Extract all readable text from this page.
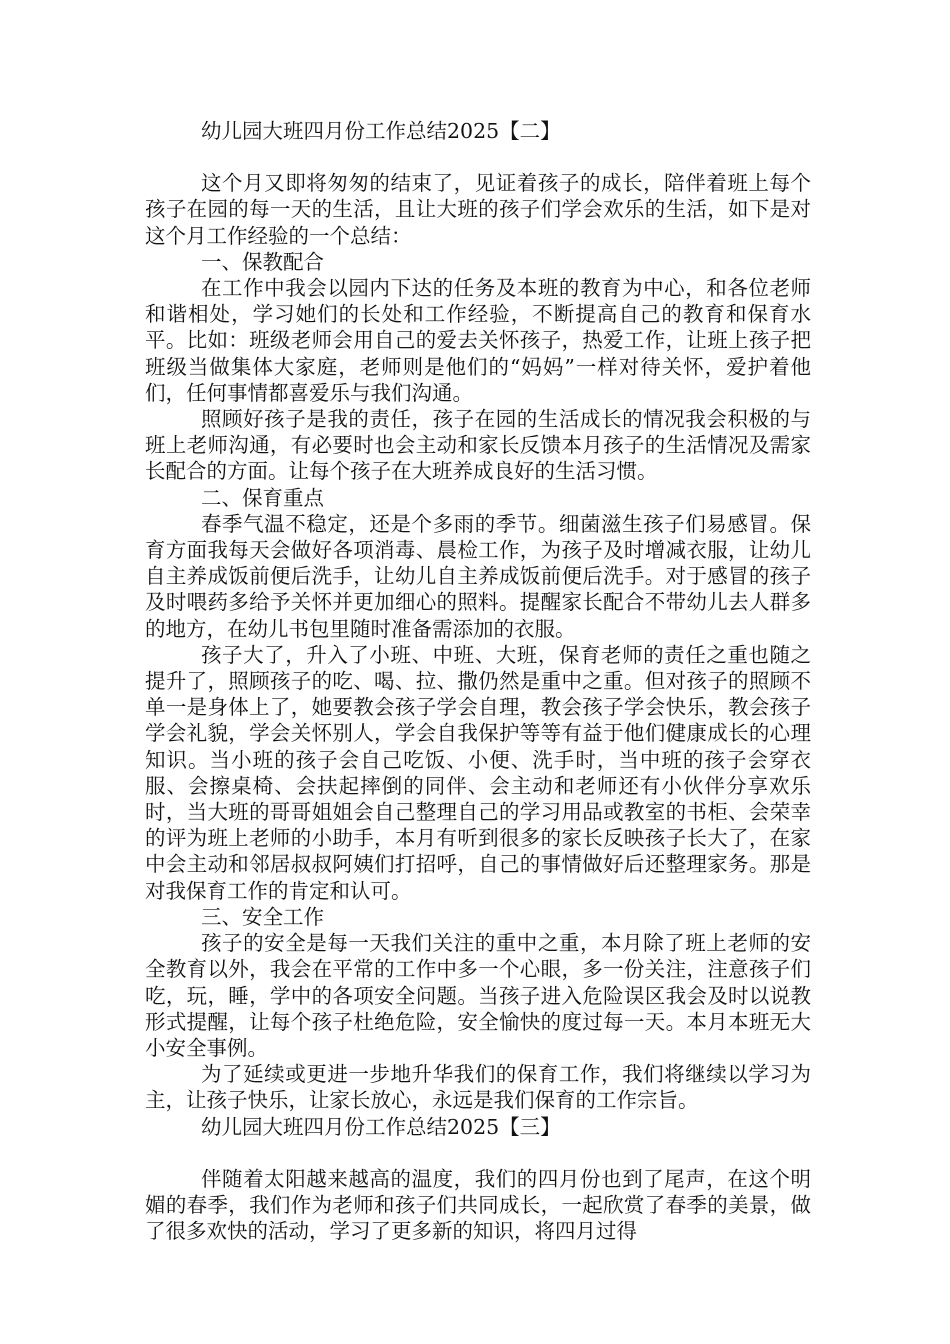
幼儿园大班四月份工作总结2025【二】

这个月又即将匆匆的结束了，见证着孩子的成长，陪伴着班上每个孩子在园的每一天的生活，且让大班的孩子们学会欢乐的生活，如下是对这个月工作经验的一个总结：

一、保教配合

在工作中我会以园内下达的任务及本班的教育为中心，和各位老师和谐相处，学习她们的长处和工作经验，不断提高自己的教育和保育水平。比如：班级老师会用自己的爱去关怀孩子，热爱工作，让班上孩子把班级当做集体大家庭，老师则是他们的“妈妈”一样对待关怀，爱护着他们，任何事情都喜爱乐与我们沟通。

照顾好孩子是我的责任，孩子在园的生活成长的情况我会积极的与班上老师沟通，有必要时也会主动和家长反馈本月孩子的生活情况及需家长配合的方面。让每个孩子在大班养成良好的生活习惯。

二、保育重点

春季气温不稳定，还是个多雨的季节。细菌滋生孩子们易感冒。保育方面我每天会做好各项消毒、晨检工作，为孩子及时增减衣服，让幼儿自主养成饭前便后洗手，让幼儿自主养成饭前便后洗手。对于感冒的孩子及时喂药多给予关怀并更加细心的照料。提醒家长配合不带幼儿去人群多的地方，在幼儿书包里随时准备需添加的衣服。

孩子大了，升入了小班、中班、大班，保育老师的责任之重也随之提升了，照顾孩子的吃、喝、拉、撒仍然是重中之重。但对孩子的照顾不单一是身体上了，她要教会孩子学会自理，教会孩子学会快乐，教会孩子学会礼貌，学会关怀别人，学会自我保护等等有益于他们健康成长的心理知识。当小班的孩子会自己吃饭、小便、洗手时，当中班的孩子会穿衣服、会擦桌椅、会扶起摔倒的同伴、会主动和老师还有小伙伴分享欢乐时，当大班的哥哥姐姐会自己整理自己的学习用品或教室的书柜、会荣幸的评为班上老师的小助手，本月有听到很多的家长反映孩子长大了，在家中会主动和邻居叔叔阿姨们打招呼，自己的事情做好后还整理家务。那是对我保育工作的肯定和认可。

三、安全工作

孩子的安全是每一天我们关注的重中之重，本月除了班上老师的安全教育以外，我会在平常的工作中多一个心眼，多一份关注，注意孩子们吃，玩，睡，学中的各项安全问题。当孩子进入危险误区我会及时以说教形式提醒，让每个孩子杜绝危险，安全愉快的度过每一天。本月本班无大小安全事例。

为了延续或更进一步地升华我们的保育工作，我们将继续以学习为主，让孩子快乐，让家长放心，永远是我们保育的工作宗旨。

幼儿园大班四月份工作总结2025【三】

伴随着太阳越来越高的温度，我们的四月份也到了尾声，在这个明媚的春季，我们作为老师和孩子们共同成长，一起欣赏了春季的美景，做了很多欢快的活动，学习了更多新的知识，将四月过得
